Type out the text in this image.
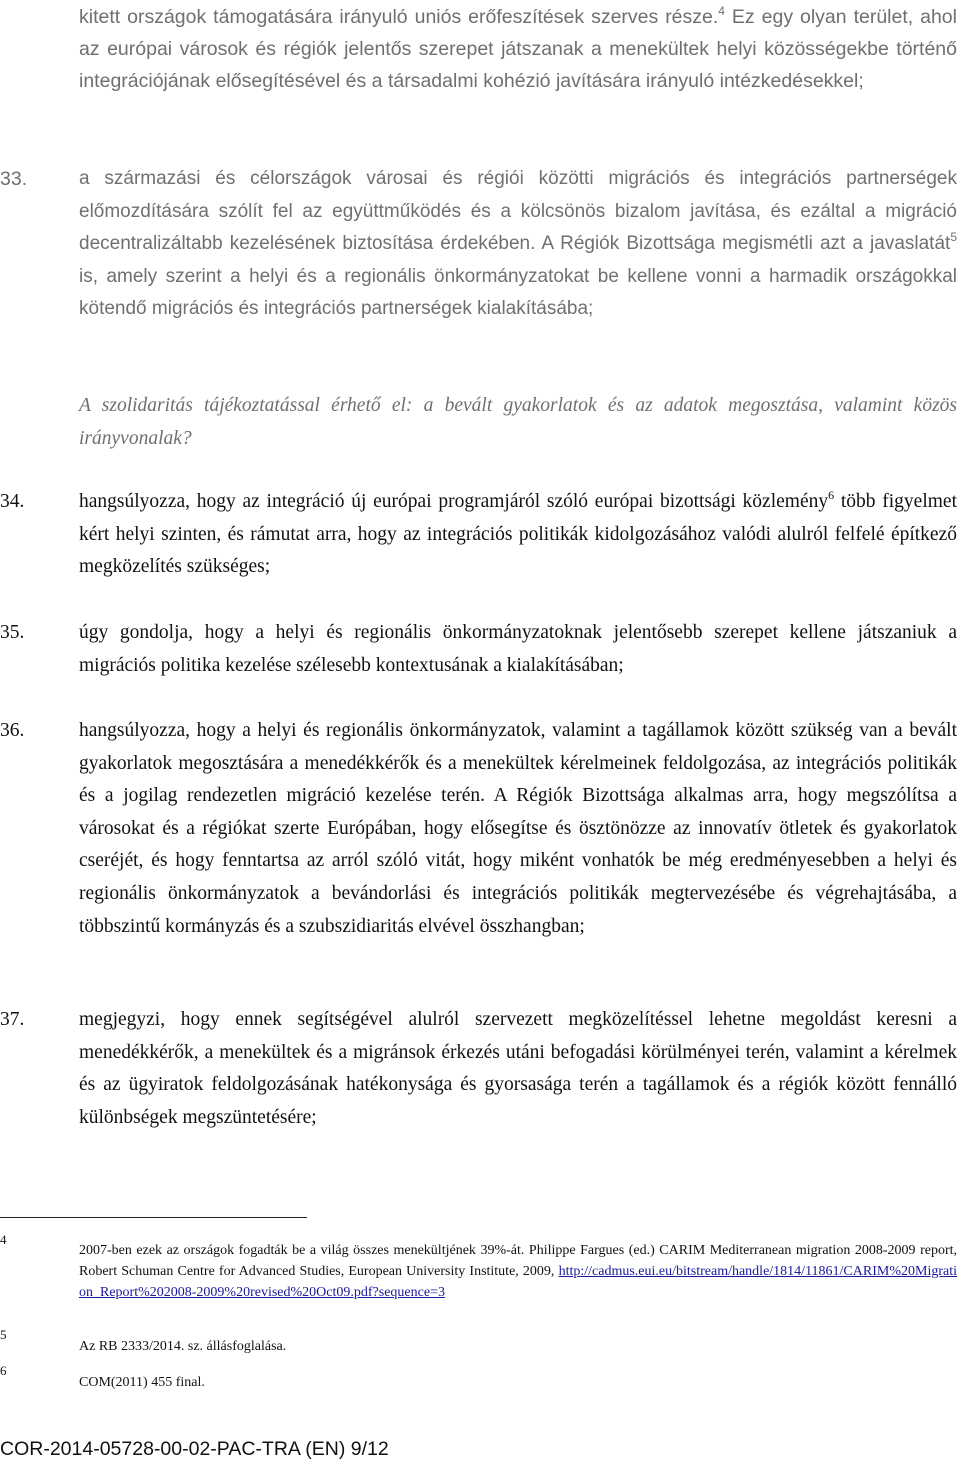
kitett országok támogatására irányuló uniós erőfeszítések szerves része.$^4$ Ez egy olyan terület, ahol az európai városok és régiók jelentős szerepet játszanak a menekültek helyi közösségekbe történő integrációjának elősegítésével és a társadalmi kohézió javítására irányuló intézkedésekkel;
33.	a származási és célországok városai és régiói közötti migrációs és integrációs partnerségek előmozdítására szólít fel az együttműködés és a kölcsönös bizalom javítása, és ezáltal a migráció decentralizáltabb kezelésének biztosítása érdekében. A Régiók Bizottsága megismétli azt a javaslatát$^5$ is, amely szerint a helyi és a regionális önkormányzatokat be kellene vonni a harmadik országokkal kötendő migrációs és integrációs partnerségek kialakításába;
A szolidaritás tájékoztatással érhető el: a bevált gyakorlatok és az adatok megosztása, valamint közös irányvonalak?
34.	hangsúlyozza, hogy az integráció új európai programjáról szóló európai bizottsági közlemény$^6$ több figyelmet kért helyi szinten, és rámutat arra, hogy az integrációs politikák kidolgozásához valódi alulról felfelé építkező megközelítés szükséges;
35.	úgy gondolja, hogy a helyi és regionális önkormányzatoknak jelentősebb szerepet kellene játszaniuk a migrációs politika kezelése szélesebb kontextusának a kialakításában;
36.	hangsúlyozza, hogy a helyi és regionális önkormányzatok, valamint a tagállamok között szükség van a bevált gyakorlatok megosztására a menedékkérők és a menekültek kérelmeinek feldolgozása, az integrációs politikák és a jogilag rendezetlen migráció kezelése terén. A Régiók Bizottsága alkalmas arra, hogy megszólítsa a városokat és a régiókat szerte Európában, hogy elősegítse és ösztönözze az innovatív ötletek és gyakorlatok cseréjét, és hogy fenntartsa az arról szóló vitát, hogy miként vonhatók be még eredményesebben a helyi és regionális önkormányzatok a bevándorlási és integrációs politikák megtervezésébe és végrehajtásába, a többszintű kormányzás és a szubszidiaritás elvével összhangban;
37.	megjegyzi, hogy ennek segítségével alulról szervezett megközelítéssel lehetne megoldást keresni a menedékkérők, a menekültek és a migránsok érkezés utáni befogadási körülményei terén, valamint a kérelmek és az ügyiratok feldolgozásának hatékonysága és gyorsasága terén a tagállamok és a régiók között fennálló különbségek megszüntetésére;
4
2007-ben ezek az országok fogadták be a világ összes menekültjének 39%-át. Philippe Fargues (ed.) CARIM Mediterranean migration 2008-2009 report, Robert Schuman Centre for Advanced Studies, European University Institute, 2009, http://cadmus.eui.eu/bitstream/handle/1814/11861/CARIM%20Migration_Report%202008-2009%20revised%20Oct09.pdf?sequence=3
5
Az RB 2333/2014. sz. állásfoglalása.
6
COM(2011) 455 final.
COR-2014-05728-00-02-PAC-TRA (EN) 9/12
